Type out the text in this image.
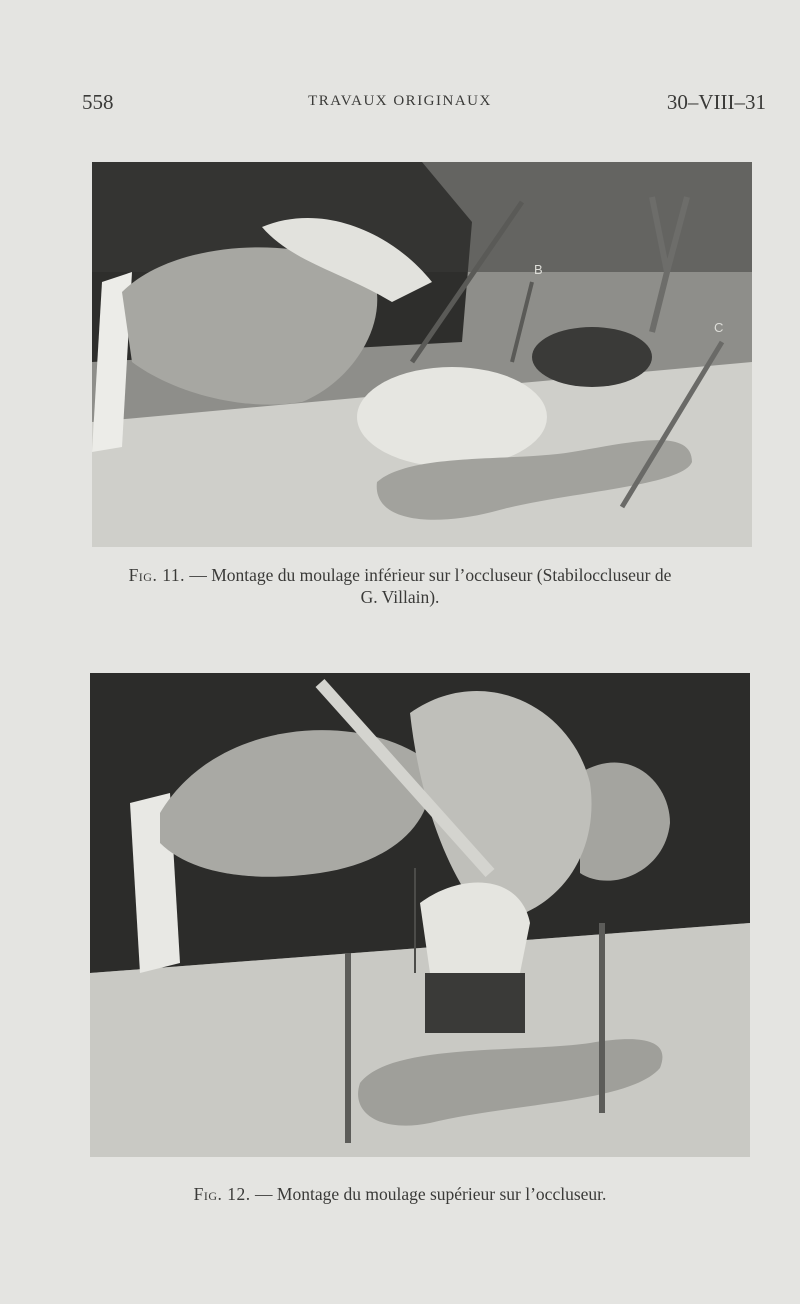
558	TRAVAUX ORIGINAUX	30–VIII–31
B
C
Fig. 11. — Montage du moulage inférieur sur l’occluseur (Stabiloccluseur de
G. Villain).
Fig. 12. — Montage du moulage supérieur sur l’occluseur.
